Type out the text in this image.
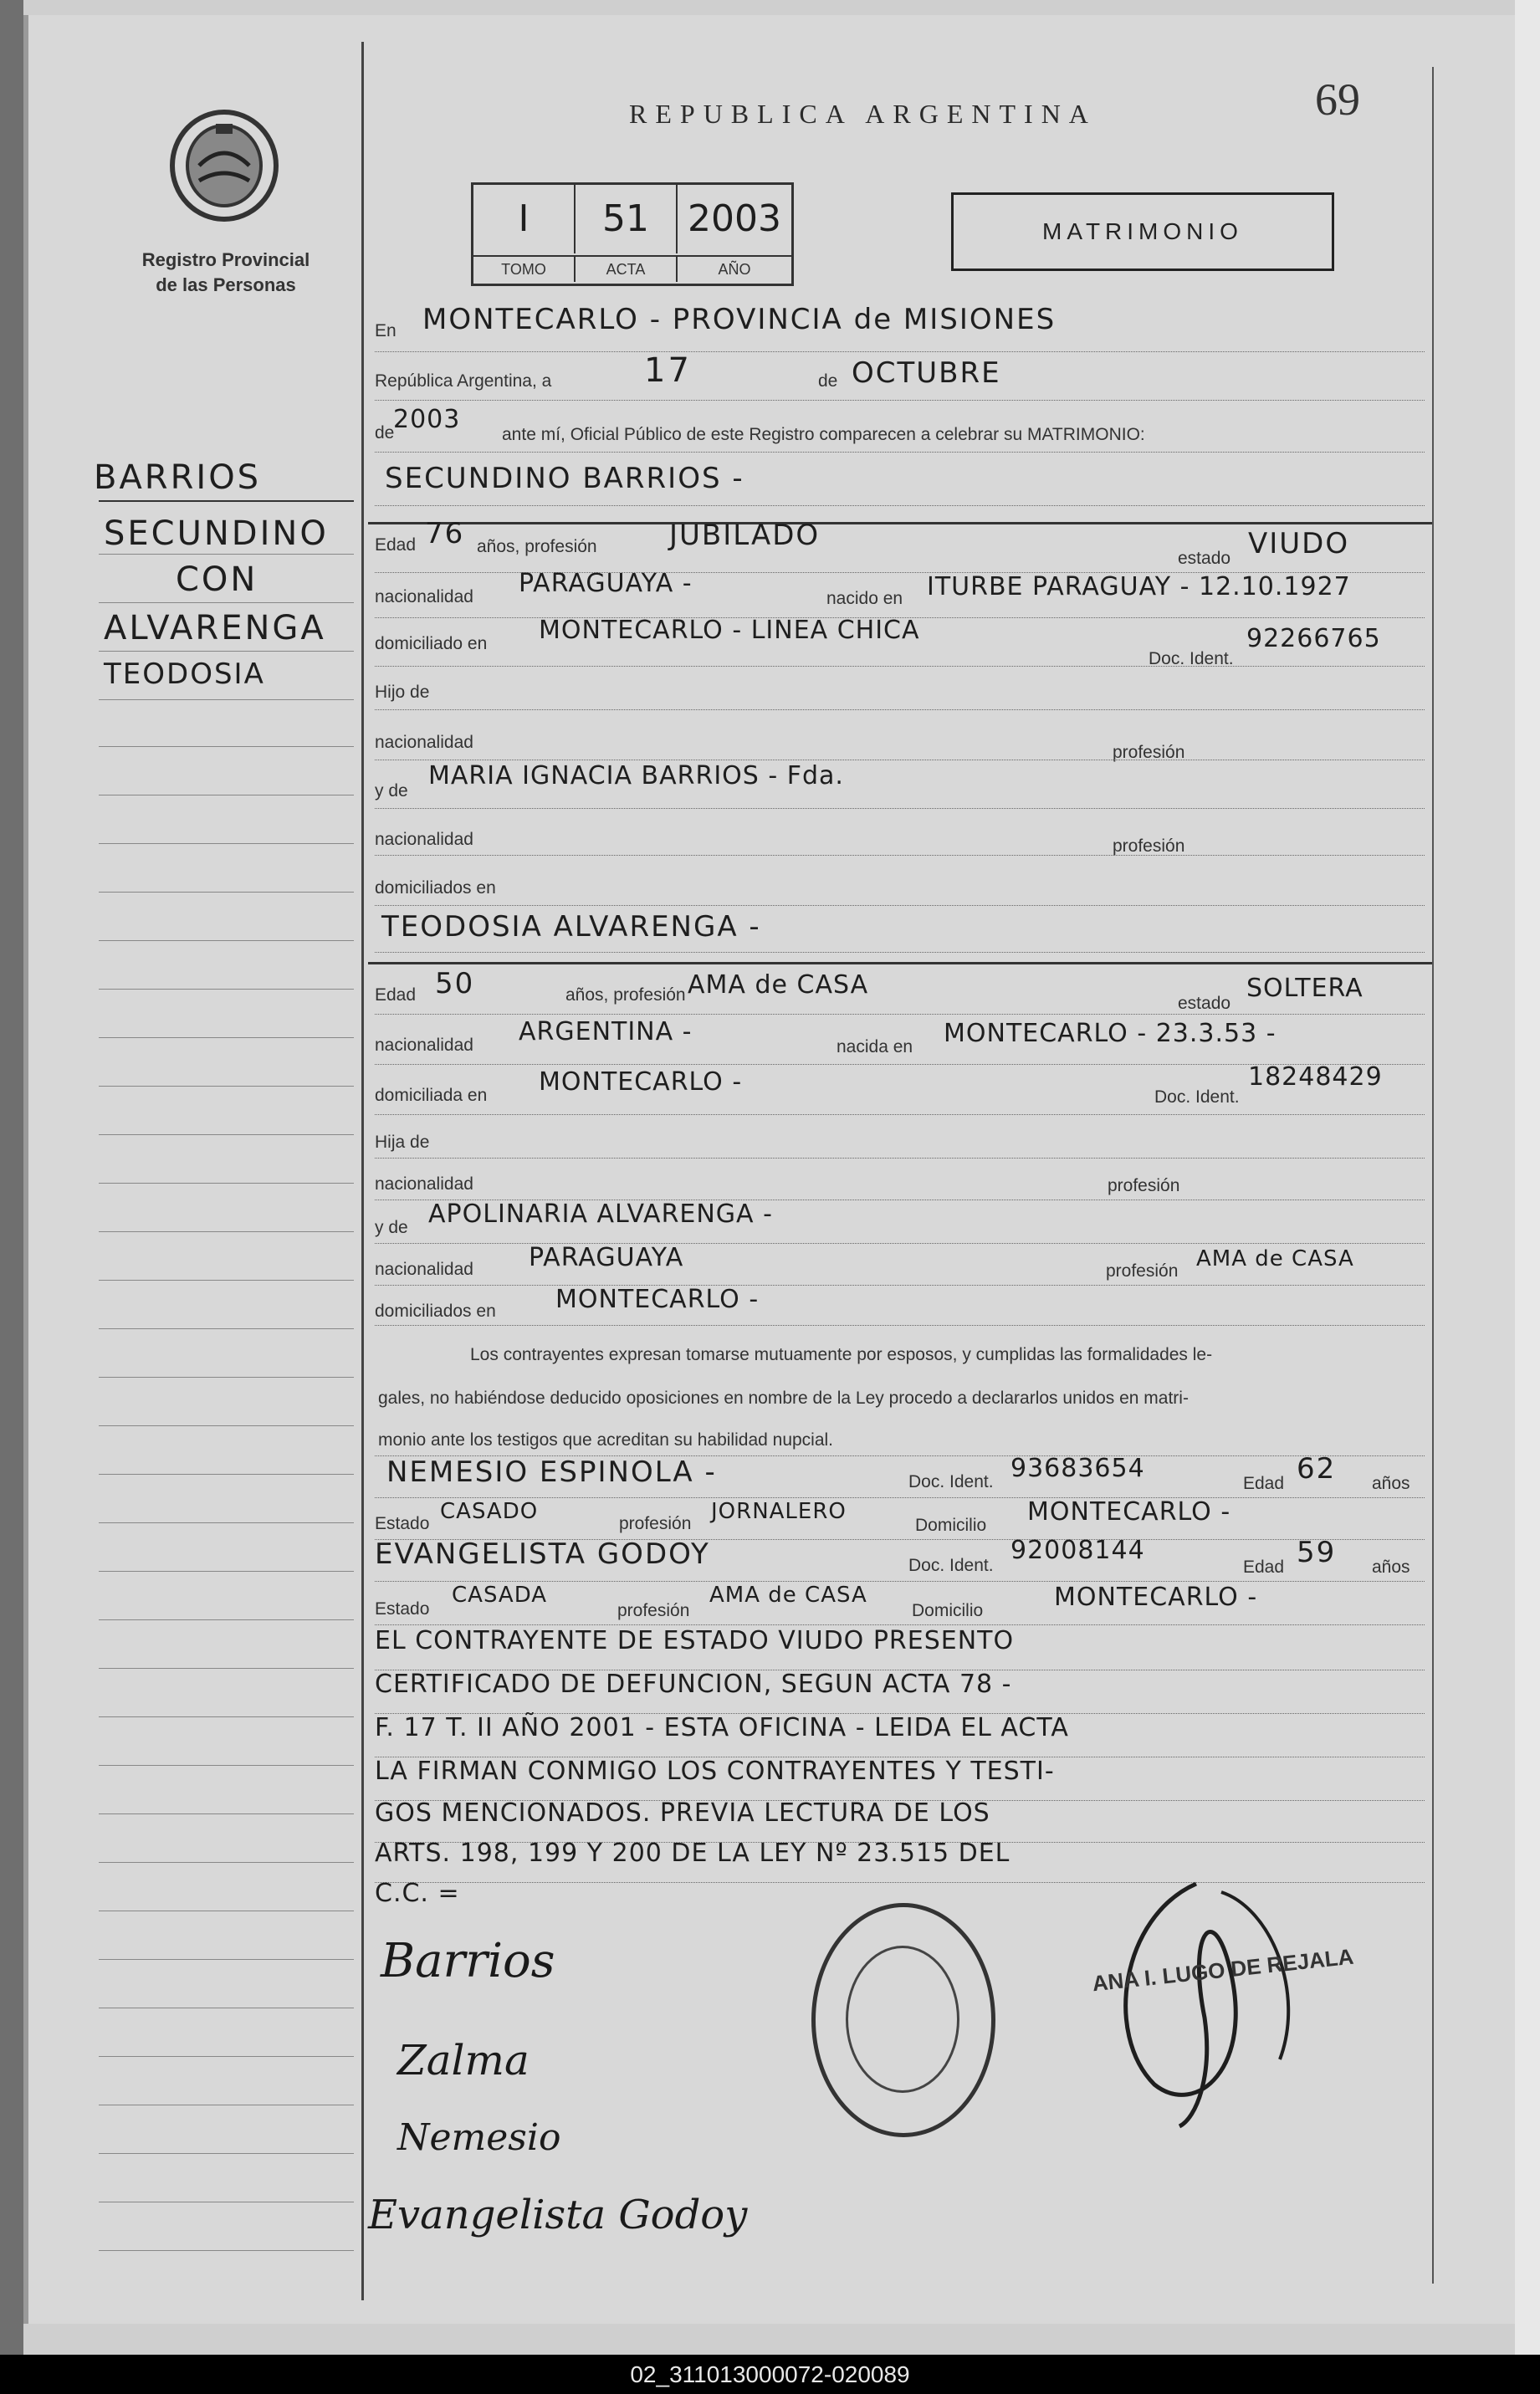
Registro Provincial
de las Personas
REPUBLICA ARGENTINA	69
I	51	2003
TOMO	ACTA	AÑO
MATRIMONIO
BARRIOS
SECUNDINO
CON
ALVARENGA
TEODOSIA
En MONTECARLO - PROVINCIA de MISIONES
República Argentina, a	17	de OCTUBRE
de
2003
ante mí, Oficial Público de este Registro comparecen a celebrar su MATRIMONIO:
SECUNDINO BARRIOS -
Edad 76 años, profesión	JUBILADO
estado VIUDO
nacionalidad PARAGUAYA -
nacido en ITURBE PARAGUAY - 12.10.1927
domiciliado en MONTECARLO - LINEA CHICA
Doc. Ident.
92266765
Hijo de
nacionalidad
profesión
y de
MARIA IGNACIA BARRIOS - Fda.
nacionalidad	profesión
domiciliados en
TEODOSIA ALVARENGA -
Edad 50	años, profesión AMA de CASA
estado
SOLTERA
nacionalidad ARGENTINA -
nacida en MONTECARLO - 23.3.53 -
domiciliada en MONTECARLO -
Doc. Ident.
18248429
Hija de
nacionalidad	profesión
y de APOLINARIA ALVARENGA -
nacionalidad PARAGUAYA	profesión AMA de CASA
domiciliados en MONTECARLO -
Los contrayentes expresan tomarse mutuamente por esposos, y cumplidas las formalidades le-
gales, no habiéndose deducido oposiciones en nombre de la Ley procedo a declararlos unidos en matri-
monio ante los testigos que acreditan su habilidad nupcial.
NEMESIO ESPINOLA -	Doc. Ident. 93683654
Edad 62 años
Estado CASADO	profesión JORNALERO
Domicilio MONTECARLO -
EVANGELISTA GODOY	Doc. Ident.
92008144
Edad 59 años
Estado
CASADA
profesión
AMA de CASA
Domicilio	MONTECARLO -
EL CONTRAYENTE DE ESTADO VIUDO PRESENTO
CERTIFICADO DE DEFUNCION, SEGUN ACTA 78 -
F. 17 T. II AÑO 2001 - ESTA OFICINA - LEIDA EL ACTA
LA FIRMAN CONMIGO LOS CONTRAYENTES Y TESTI-
GOS MENCIONADOS. PREVIA LECTURA DE LOS
ARTS. 198, 199 Y 200 DE LA LEY Nº 23.515 DEL
C.C. =
Barrios
Zalma
Nemesio
Evangelista Godoy
ANA I. LUGO DE REJALA
02_311013000072-020089
